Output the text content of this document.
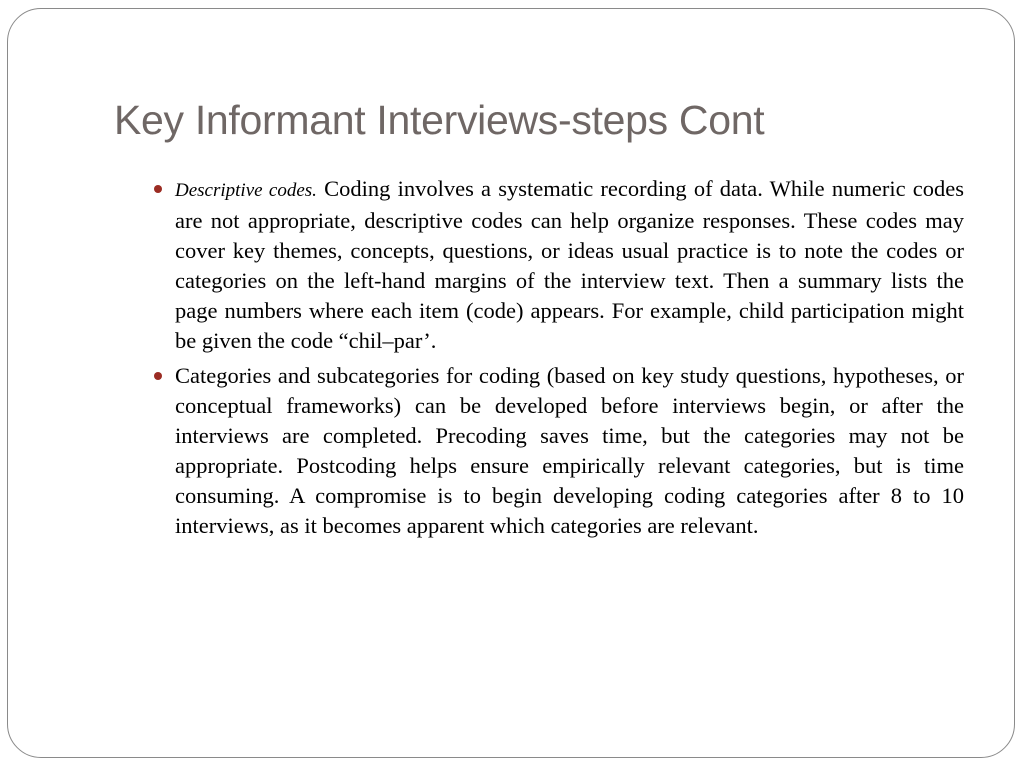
Key Informant Interviews-steps Cont
Descriptive codes. Coding involves a systematic recording of data. While numeric codes are not appropriate, descriptive codes can help organize responses. These codes may cover key themes, concepts, questions, or ideas usual practice is to note the codes or categories on the left-hand margins of the interview text. Then a summary lists the page numbers where each item (code) appears. For example, child participation might be given the code “chil–par’.
Categories and subcategories for coding (based on key study questions, hypotheses, or conceptual frameworks) can be developed before interviews begin, or after the interviews are completed. Precoding saves time, but the categories may not be appropriate. Postcoding helps ensure empirically relevant categories, but is time consuming. A compromise is to begin developing coding categories after 8 to 10 interviews, as it becomes apparent which categories are relevant.
